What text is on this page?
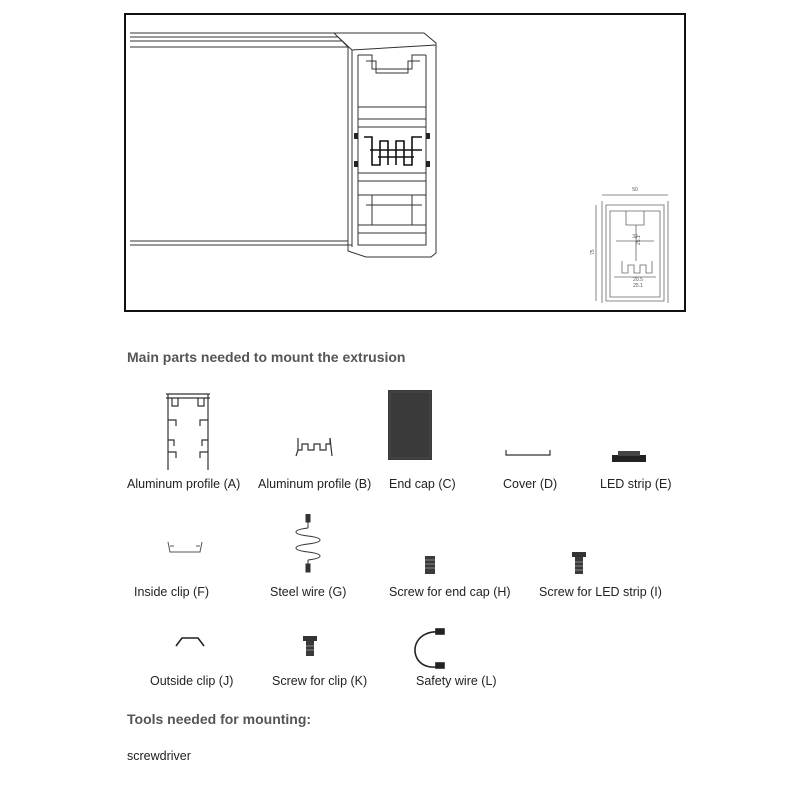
50
32
20.5
25.1
25.1
75
Main parts needed to mount the extrusion
Aluminum profile (A) Aluminum profile (B) End cap (C)	Cover (D)	LED strip (E)
Inside clip (F)	Steel wire (G)	Screw for end cap (H) Screw for LED strip (I)
Outside clip (J)	Screw for clip (K)	Safety wire (L)
Tools needed for mounting:
screwdriver
